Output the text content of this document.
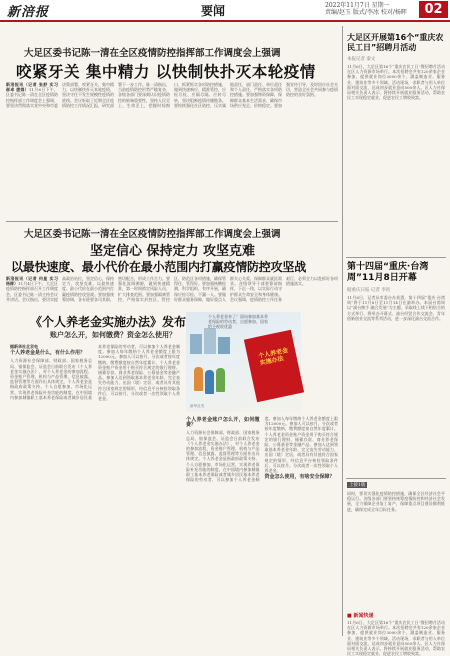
新涪报	要闻	2022年11月7日 星期一
责编/赵玉 版式/李冰 校对/杨晖	02
大足区委书记陈一清在全区疫情防控指挥部工作调度会上强调
咬紧牙关 集中精力 以快制快扑灭本轮疫情
新涪报讯（记者 张舒 实习 郝卓 唐娟）11月6日下午，区委书记陈一清在全区疫情防控指挥部工作调度会上强调，要坚决贯彻落实党中央和市委决策部署，咬紧牙关、集中精力，以快制快扑灭本轮疫情，坚决守住不发生规模性疫情的底线。会议听取了近期全区疫情防控工作情况汇报，研究部署下一步工作。陈一清指出，当前疫情防控形势严峻复杂，各级各部门要深刻认识疫情防控的极端重要性，坚持人民至上、生命至上，把握时间窗口，抓紧抓实各项防控措施，做到快速响应、精准管控、应检尽检、应隔尽隔、应转尽转，坚决阻断疫情传播链条。要持续强化社区防控，压实属地责任、部门责任、单位责任和个人责任，严格落实各项防控措施。要加强物资保障，保障群众基本生活需求，确保市场供应充足、价格稳定。要加强宣传引导，及时回应社会关切，营造全社会共同参与疫情防控的良好氛围。
大足区委书记陈一清在全区疫情防控指挥部工作调度会上强调
坚定信心 保持定力 攻坚克难
以最快速度、最小代价在最小范围内打赢疫情防控攻坚战
新涪报讯（记者 何星 实习 杨柳）11月4日下午，大足区疫情防控指挥部召开工作调度会，区委书记陈一清主持会议并讲话。会议指出，要切实提高政治站位，坚定信心，保持定力，攻坚克难，以最快速度、最小代价在最小范围内打赢疫情防控攻坚战。要加强统筹协调，各专班要各司其职、密切配合，形成工作合力。要强化流调溯源，做到快速精准，第一时间锁定风险人员，扩大排查范围。要加强隔离管控，严格落实封控区、管控区、防范区各项措施，确保管得住、管得好。要加强核酸检测，科学组织，有序开展，确保应检尽检、不漏一人。要做好群众服务保障，做好重点人群关心关爱，保障群众就医需求。各级领导干部要靠前指挥，下沉一线，以实际行动守护群众生命安全和身体健康。会议强调，疫情防控工作任务艰巨，必须全力以赴抓好各项措施落实。
《个人养老金实施办法》发布
账户怎么开，如何缴费？资金怎么使用？
据新华社北京电
个人养老金是什么，有什么作用？
人力资源社会保障部、财政部、国家税务总局、银保监会、证监会日前联合发布《个人养老金实施办法》，对个人养老金的参加流程、资金账户管理、机构与产品管理、信息披露、监督管理等方面作出具体规定。个人养老金是指政府政策支持、个人自愿参加、市场化运营、实现养老保险补充功能的制度。在中国境内参加城镇职工基本养老保险或者城乡居民基本养老保险的劳动者，可以参加个人养老金制度。参加人每年缴纳个人养老金额度上限为12000元。参加人可以按月、分次或者按年度缴纳，缴费额度按自然年度累计。个人养老金资金账户资金用于购买符合规定的银行理财、储蓄存款、商业养老保险、公募基金等金融产品。参加人达到领取基本养老金年龄、完全丧失劳动能力、出国（境）定居，或者具有其他符合国家规定的情形，经信息平台核验领取条件后，可以按月、分次或者一次性领取个人养老金。
个人养老金来了！面向参加基本养老保险的劳动者，自愿参加，国家给予税收优惠
个人养老金 实施办法
新华社发
个人养老金账户怎么开，如何缴费？
人力资源社会保障部、财政部、国家税务总局、银保监会、证监会日前联合发布《个人养老金实施办法》，对个人养老金的参加流程、资金账户管理、机构与产品管理、信息披露、监督管理等方面作出具体规定。个人养老金是指政府政策支持、个人自愿参加、市场化运营、实现养老保险补充功能的制度。在中国境内参加城镇职工基本养老保险或者城乡居民基本养老保险的劳动者，可以参加个人养老金制度。参加人每年缴纳个人养老金额度上限为12000元。参加人可以按月、分次或者按年度缴纳，缴费额度按自然年度累计。个人养老金资金账户资金用于购买符合规定的银行理财、储蓄存款、商业养老保险、公募基金等金融产品。参加人达到领取基本养老金年龄、完全丧失劳动能力、出国（境）定居，或者具有其他符合国家规定的情形，经信息平台核验领取条件后，可以按月、分次或者一次性领取个人养老金。
资金怎么使用，有啥安全保障？
大足区开展第16个“重庆农民工日”招聘月活动
本报记者 秦文
11月6日，大足区第16个“重庆农民工日”暨招聘月活动在区人力资源市场举行。本次招聘会共有120余家企业参加，提供就业岗位3000余个，涵盖制造业、服务业、建筑业等多个领域。活动现场，求职者与用人单位面对面交流，达成初步就业意向500余人。区人力社保局相关负责人表示，将持续开展就业服务活动，帮助农民工实现稳定就业，促进农民工增收致富。
第十四届“重庆·台湾周”11月8日开幕
据重庆日报 记者 李珩
11月6日，记者从市委台办获悉，第十四届“重庆·台湾周”将于11月8日至11月14日在渝举办。本届台湾周以“渝台携手 融合发展”为主题，采取线上线下相结合的方式举行，将举办开幕式、渝台经贸合作交流会、青年创新创业交流等系列活动，进一步深化渝台交流合作。
上接1版
同时，要切实强化疫情防控措施，确保全区经济社会平稳运行。各级各部门要坚持统筹疫情防控和经济社会发展，全力保障企业复工复产，保障重点项目建设顺利推进，确保完成全年目标任务。
■ 新闻快递
11月6日，大足区第16个“重庆农民工日”暨招聘月活动在区人力资源市场举行。本次招聘会共有120余家企业参加，提供就业岗位3000余个，涵盖制造业、服务业、建筑业等多个领域。活动现场，求职者与用人单位面对面交流，达成初步就业意向500余人。区人力社保局相关负责人表示，将持续开展就业服务活动，帮助农民工实现稳定就业，促进农民工增收致富。
